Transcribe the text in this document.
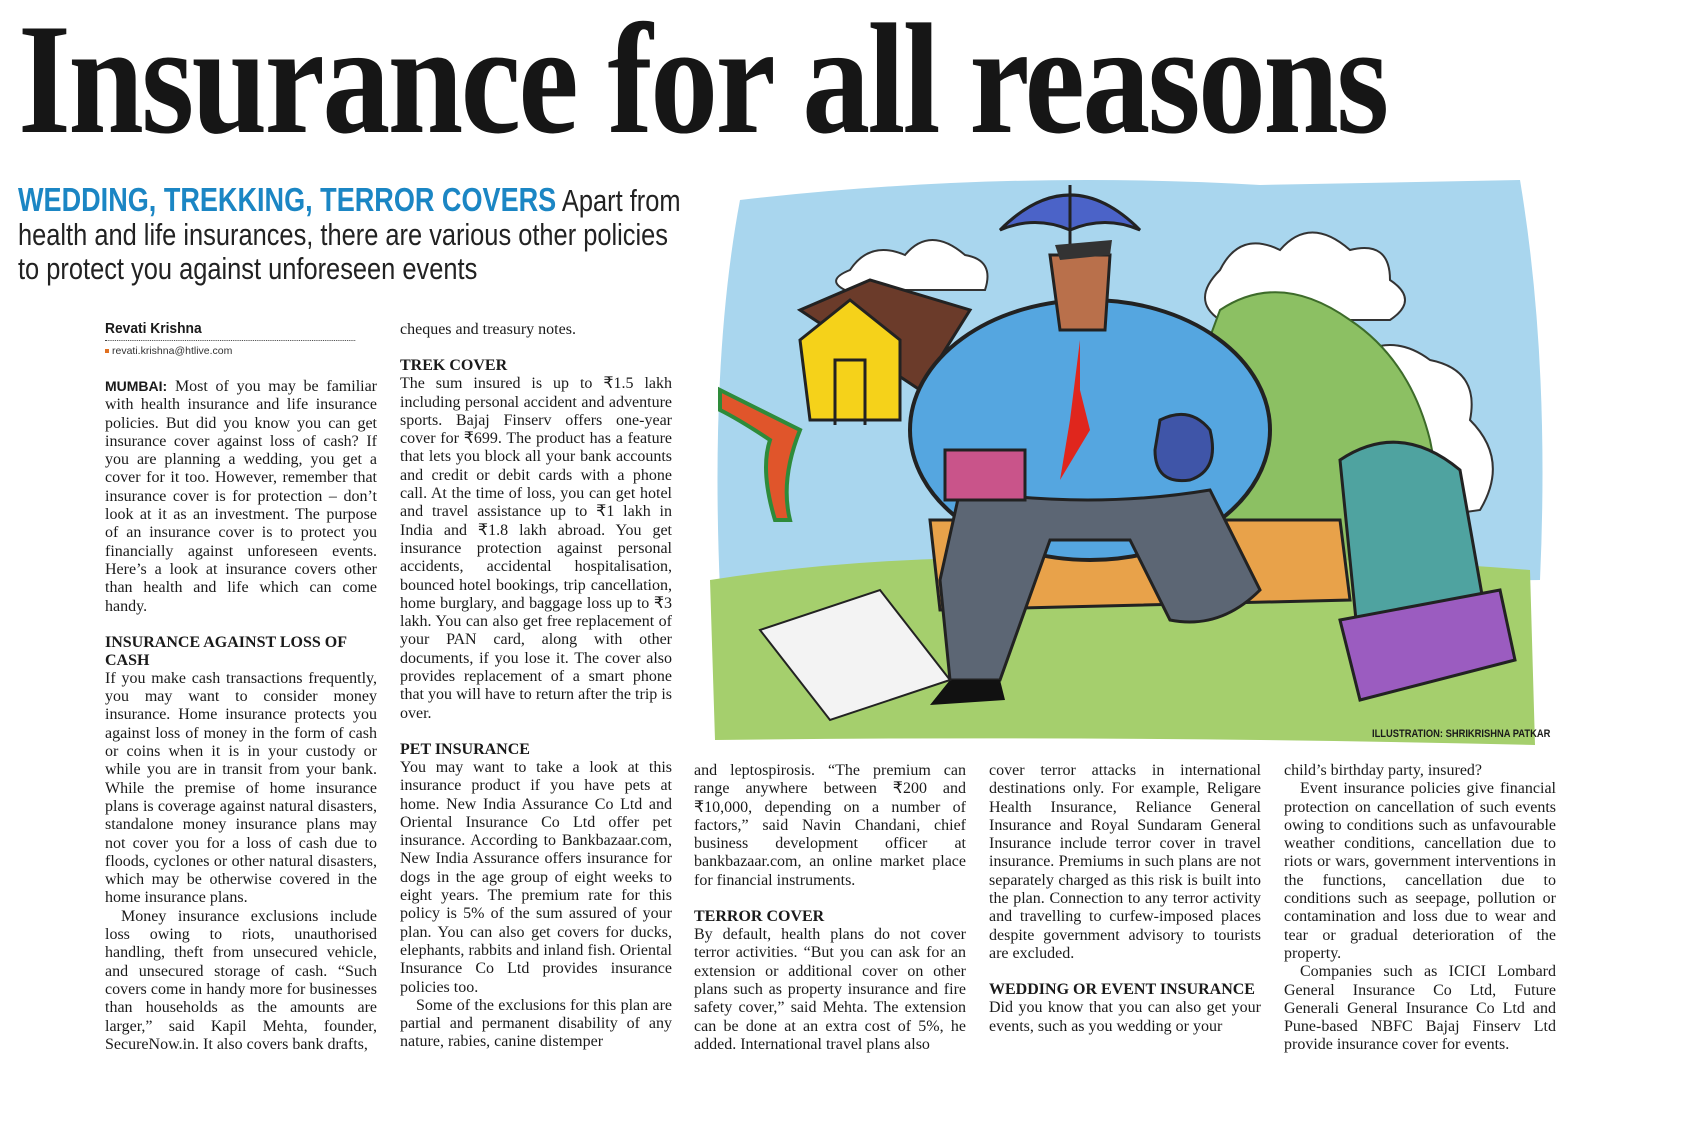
Insurance for all reasons
WEDDING, TREKKING, TERROR COVERS Apart from health and life insurances, there are various other policies to protect you against unforeseen events
Revati Krishna
revati.krishna@htlive.com

MUMBAI: Most of you may be familiar with health insurance and life insurance policies. But did you know you can get insurance cover against loss of cash? If you are planning a wedding, you get a cover for it too. However, remember that insurance cover is for protection – don’t look at it as an investment. The purpose of an insurance cover is to protect you financially against unforeseen events. Here’s a look at insurance covers other than health and life which can come handy.

INSURANCE AGAINST LOSS OF CASH

If you make cash transactions frequently, you may want to consider money insurance. Home insurance protects you against loss of money in the form of cash or coins when it is in your custody or while you are in transit from your bank. While the premise of home insurance plans is coverage against natural disasters, standalone money insurance plans may not cover you for a loss of cash due to floods, cyclones or other natural disasters, which may be otherwise covered in the home insurance plans.

Money insurance exclusions include loss owing to riots, unauthorised handling, theft from unsecured vehicle, and unsecured storage of cash. “Such covers come in handy more for businesses than households as the amounts are larger,” said Kapil Mehta, founder, SecureNow.in. It also covers bank drafts,

cheques and treasury notes.

TREK COVER

The sum insured is up to ₹1.5 lakh including personal accident and adventure sports. Bajaj Finserv offers one-year cover for ₹699. The product has a feature that lets you block all your bank accounts and credit or debit cards with a phone call. At the time of loss, you can get hotel and travel assistance up to ₹1 lakh in India and ₹1.8 lakh abroad. You get insurance protection against personal accidents, accidental hospitalisation, bounced hotel bookings, trip cancellation, home burglary, and baggage loss up to ₹3 lakh. You can also get free replacement of your PAN card, along with other documents, if you lose it. The cover also provides replacement of a smart phone that you will have to return after the trip is over.

PET INSURANCE

You may want to take a look at this insurance product if you have pets at home. New India Assurance Co Ltd and Oriental Insurance Co Ltd offer pet insurance. According to Bankbazaar.com, New India Assurance offers insurance for dogs in the age group of eight weeks to eight years. The premium rate for this policy is 5% of the sum assured of your plan. You can also get covers for ducks, elephants, rabbits and inland fish. Oriental Insurance Co Ltd provides insurance policies too.

Some of the exclusions for this plan are partial and permanent disability of any nature, rabies, canine distemper

and leptospirosis. “The premium can range anywhere between ₹200 and ₹10,000, depending on a number of factors,” said Navin Chandani, chief business development officer at bankbazaar.com, an online market place for financial instruments.

TERROR COVER

By default, health plans do not cover terror activities. “But you can ask for an extension or additional cover on other plans such as property insurance and fire safety cover,” said Mehta. The extension can be done at an extra cost of 5%, he added. International travel plans also

cover terror attacks in international destinations only. For example, Religare Health Insurance, Reliance General Insurance and Royal Sundaram General Insurance include terror cover in travel insurance. Premiums in such plans are not separately charged as this risk is built into the plan. Connection to any terror activity and travelling to curfew-imposed places despite government advisory to tourists are excluded.

WEDDING OR EVENT INSURANCE

Did you know that you can also get your events, such as you wedding or your

child’s birthday party, insured?

Event insurance policies give financial protection on cancellation of such events owing to conditions such as unfavourable weather conditions, cancellation due to riots or wars, government interventions in the functions, cancellation due to conditions such as seepage, pollution or contamination and loss due to wear and tear or gradual deterioration of the property.

Companies such as ICICI Lombard General Insurance Co Ltd, Future Generali General Insurance Co Ltd and Pune-based NBFC Bajaj Finserv Ltd provide insurance cover for events.

ILLUSTRATION: SHRIKRISHNA PATKAR
